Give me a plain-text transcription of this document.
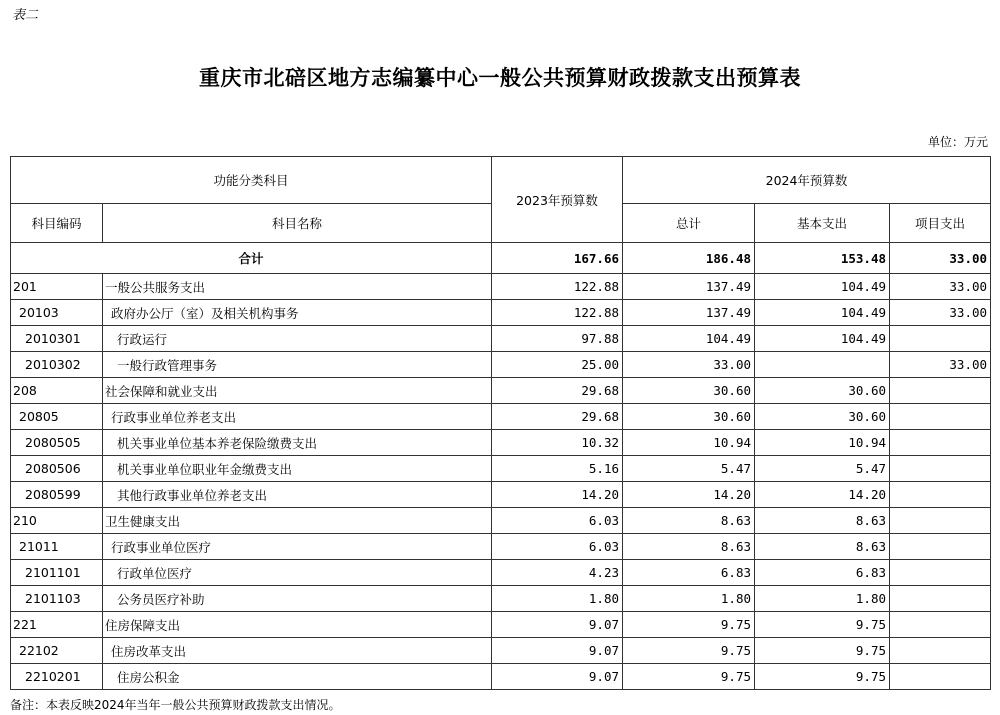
表二
重庆市北碚区地方志编纂中心一般公共预算财政拨款支出预算表
单位：万元
功能分类科目		2023年预算数	2024年预算数		
科目编码	科目名称		总计	基本支出	项目支出
合计		167.66	186.48	153.48	33.00
201	一般公共服务支出	122.88	137.49	104.49	33.00
20103	政府办公厅（室）及相关机构事务	122.88	137.49	104.49	33.00
2010301	行政运行	97.88	104.49	104.49	
2010302	一般行政管理事务	25.00	33.00		33.00
208	社会保障和就业支出	29.68	30.60	30.60	
20805	行政事业单位养老支出	29.68	30.60	30.60	
2080505	机关事业单位基本养老保险缴费支出	10.32	10.94	10.94	
2080506	机关事业单位职业年金缴费支出	5.16	5.47	5.47	
2080599	其他行政事业单位养老支出	14.20	14.20	14.20	
210	卫生健康支出	6.03	8.63	8.63	
21011	行政事业单位医疗	6.03	8.63	8.63	
2101101	行政单位医疗	4.23	6.83	6.83	
2101103	公务员医疗补助	1.80	1.80	1.80	
221	住房保障支出	9.07	9.75	9.75	
22102	住房改革支出	9.07	9.75	9.75	
2210201	住房公积金	9.07	9.75	9.75	
备注：本表反映2024年当年一般公共预算财政拨款支出情况。
